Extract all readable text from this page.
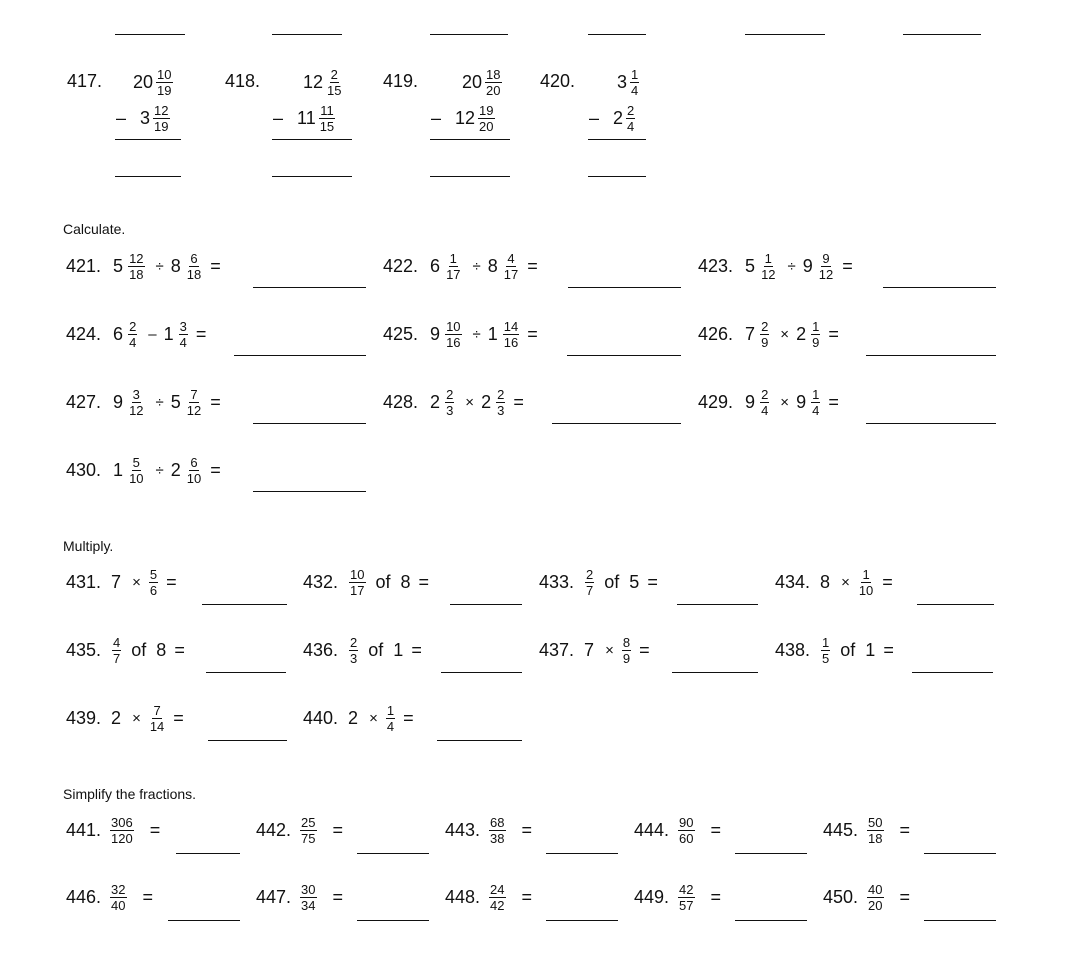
417. $20 \frac{10}{19}$
– $3 \frac{12}{19}$
418. $12 \frac{2}{15}$
– $11 \frac{11}{15}$
419. $20 \frac{18}{20}$
– $12 \frac{19}{20}$
420. $3 \frac{1}{4}$
– $2 \frac{2}{4}$
Calculate.
421. $5 \frac{12}{18} \div 8 \frac{6}{18}$ =	422. $6 \frac{1}{17} \div 8 \frac{4}{17}$ =	423. $5 \frac{1}{12} \div 9 \frac{9}{12}$ =
424. $6 \frac{2}{4} - 1 \frac{3}{4}$ =	425. $9 \frac{10}{16} \div 1 \frac{14}{16}$ =	426. $7 \frac{2}{9} \times 2 \frac{1}{9}$ =
427. $9 \frac{3}{12} \div 5 \frac{7}{12}$ =	428. $2 \frac{2}{3} \times 2 \frac{2}{3}$ =	429. $9 \frac{2}{4} \times 9 \frac{1}{4}$ =
430. $1 \frac{5}{10} \div 2 \frac{6}{10}$ =
Multiply.
431. $7 \times \frac{5}{6}$ =	432. $\frac{10}{17}$ of  8 =	433. $\frac{2}{7}$ of  5 =	434. $8 \times \frac{1}{10}$ =
435. $\frac{4}{7}$ of  8 =	436. $\frac{2}{3}$ of  1 =	437. $7 \times \frac{8}{9}$ =	438. $\frac{1}{5}$ of  1 =
439. $2 \times \frac{7}{14}$ =	440. $2 \times \frac{1}{4}$ =
Simplify the fractions.
441. $\frac{306}{120}$ =	442. $\frac{25}{75}$ =	443. $\frac{68}{38}$ =	444. $\frac{90}{60}$ =	445. $\frac{50}{18}$ =
446. $\frac{32}{40}$ =	447. $\frac{30}{34}$ =	448. $\frac{24}{42}$ =	449. $\frac{42}{57}$ =	450. $\frac{40}{20}$ =
